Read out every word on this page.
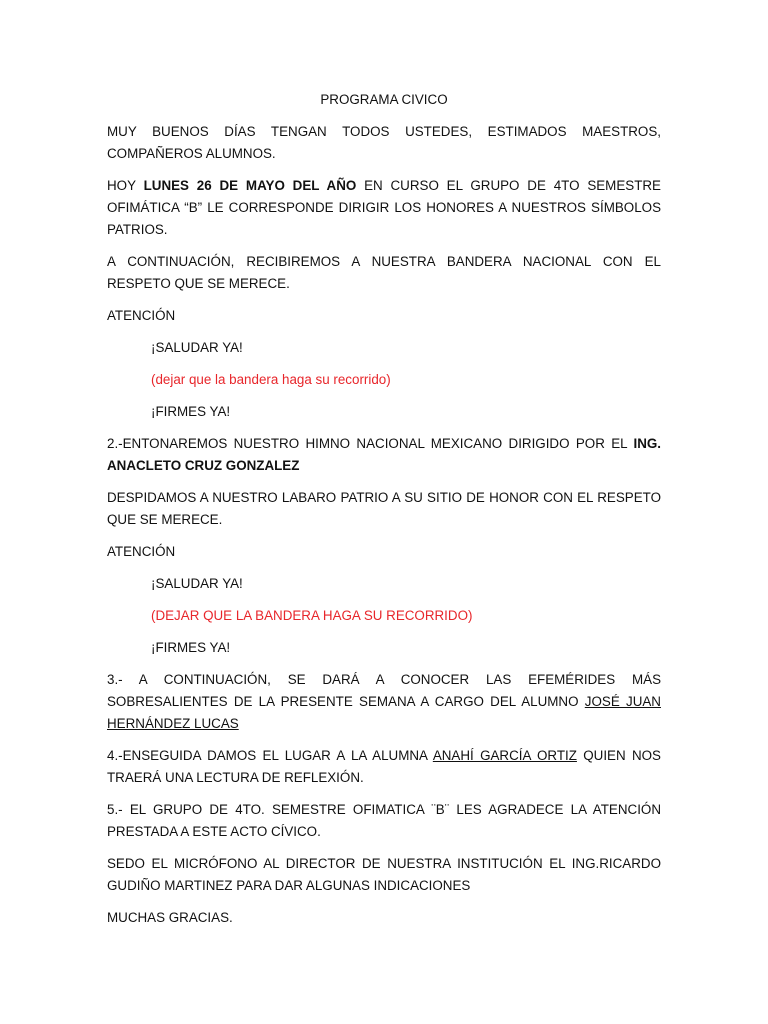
PROGRAMA CIVICO

MUY BUENOS DÍAS TENGAN TODOS USTEDES, ESTIMADOS MAESTROS, COMPAÑEROS ALUMNOS.

HOY LUNES 26 DE MAYO DEL AÑO EN CURSO EL GRUPO DE 4TO SEMESTRE OFIMÁTICA “B” LE CORRESPONDE DIRIGIR LOS HONORES A NUESTROS SÍMBOLOS PATRIOS.

A CONTINUACIÓN, RECIBIREMOS A NUESTRA BANDERA NACIONAL CON EL RESPETO QUE SE MERECE.

ATENCIÓN

¡SALUDAR YA!

(dejar que la bandera haga su recorrido)

¡FIRMES YA!

2.-ENTONAREMOS NUESTRO HIMNO NACIONAL MEXICANO DIRIGIDO POR EL ING. ANACLETO CRUZ GONZALEZ

DESPIDAMOS A NUESTRO LABARO PATRIO A SU SITIO DE HONOR CON EL RESPETO QUE SE MERECE.

ATENCIÓN

¡SALUDAR YA!

(DEJAR QUE LA BANDERA HAGA SU RECORRIDO)

¡FIRMES YA!

3.- A CONTINUACIÓN, SE DARÁ A CONOCER LAS EFEMÉRIDES MÁS SOBRESALIENTES DE LA PRESENTE SEMANA A CARGO DEL ALUMNO JOSÉ JUAN HERNÁNDEZ LUCAS

4.-ENSEGUIDA DAMOS EL LUGAR A LA ALUMNA ANAHÍ GARCÍA ORTIZ QUIEN NOS TRAERÁ UNA LECTURA DE REFLEXIÓN.

5.- EL GRUPO DE 4TO. SEMESTRE OFIMATICA ¨B¨ LES AGRADECE LA ATENCIÓN PRESTADA A ESTE ACTO CÍVICO.

SEDO EL MICRÓFONO AL DIRECTOR DE NUESTRA INSTITUCIÓN EL ING.RICARDO GUDIÑO MARTINEZ PARA DAR ALGUNAS INDICACIONES

MUCHAS GRACIAS.
